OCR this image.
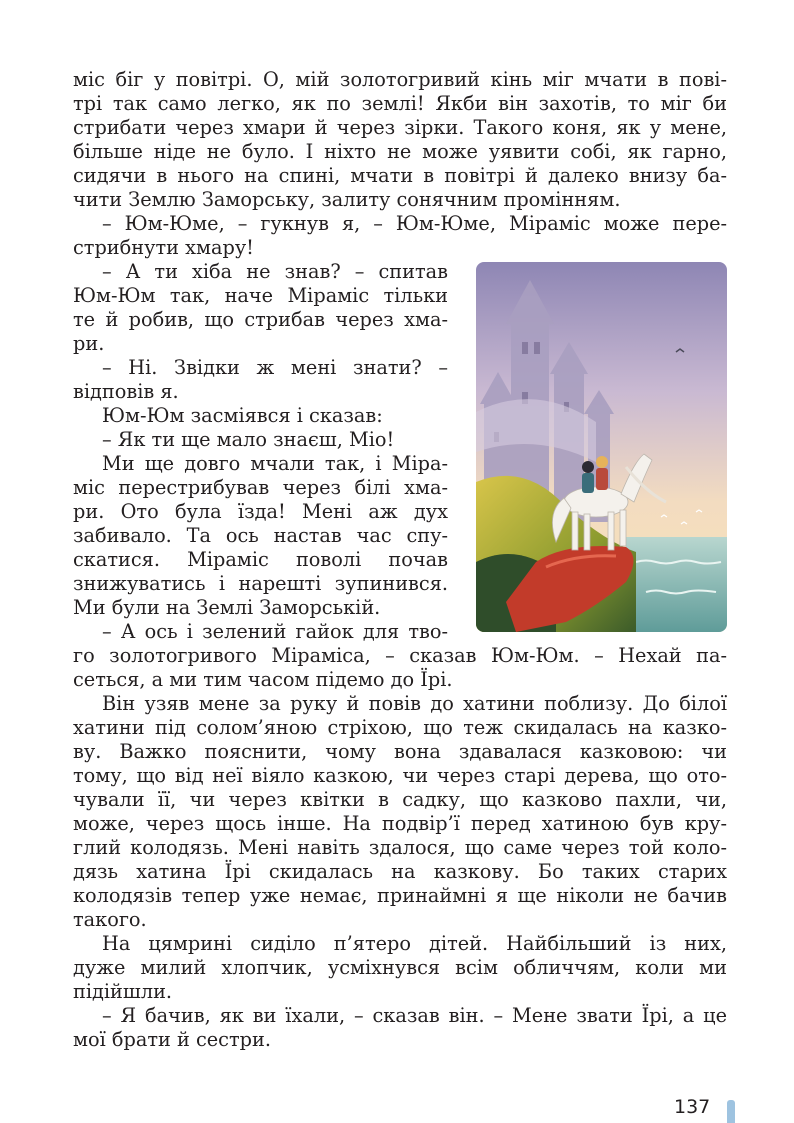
міс біг у повітрі. О, мій золотогривий кінь міг мчати в пові-
трі так само легко, як по землі! Якби він захотів, то міг би
стрибати через хмари й через зірки. Такого коня, як у мене,
більше ніде не було. І ніхто не може уявити собі, як гарно,
сидячи в нього на спині, мчати в повітрі й далеко внизу ба-
чити Землю Заморську, залиту сонячним промінням.
– Юм-Юме, – гукнув я, – Юм-Юме, Міраміс може пере-
стрибнути хмару!
– А ти хіба не знав? – спитав
Юм-Юм так, наче Міраміс тільки
те й робив, що стрибав через хма-
ри.
– Ні. Звідки ж мені знати? –
відповів я.
Юм-Юм засміявся і сказав:
– Як ти ще мало знаєш, Міо!
Ми ще довго мчали так, і Міра-
міс перестрибував через білі хма-
ри. Ото була їзда! Мені аж дух
забивало. Та ось настав час спу-
скатися. Міраміс поволі почав
знижуватись і нарешті зупинився.
Ми були на Землі Заморській.
– А ось і зелений гайок для тво-
го золотогривого Міраміса, – сказав Юм-Юм. – Нехай па-
сеться, а ми тим часом підемо до Їрі.
Він узяв мене за руку й повів до хатини поблизу. До білої
хатини під солом’яною стріхою, що теж скидалась на казко-
ву. Важко пояснити, чому вона здавалася казковою: чи
тому, що від неї віяло казкою, чи через старі дерева, що ото-
чували її, чи через квітки в садку, що казково пахли, чи,
може, через щось інше. На подвір’ї перед хатиною був кру-
глий колодязь. Мені навіть здалося, що саме через той коло-
дязь хатина Їрі скидалась на казкову. Бо таких старих
колодязів тепер уже немає, принаймні я ще ніколи не бачив
такого.
На цямрині сиділо п’ятеро дітей. Найбільший із них,
дуже милий хлопчик, усміхнувся всім обличчям, коли ми
підійшли.
– Я бачив, як ви їхали, – сказав він. – Мене звати Їрі, а це
мої брати й сестри.
137
